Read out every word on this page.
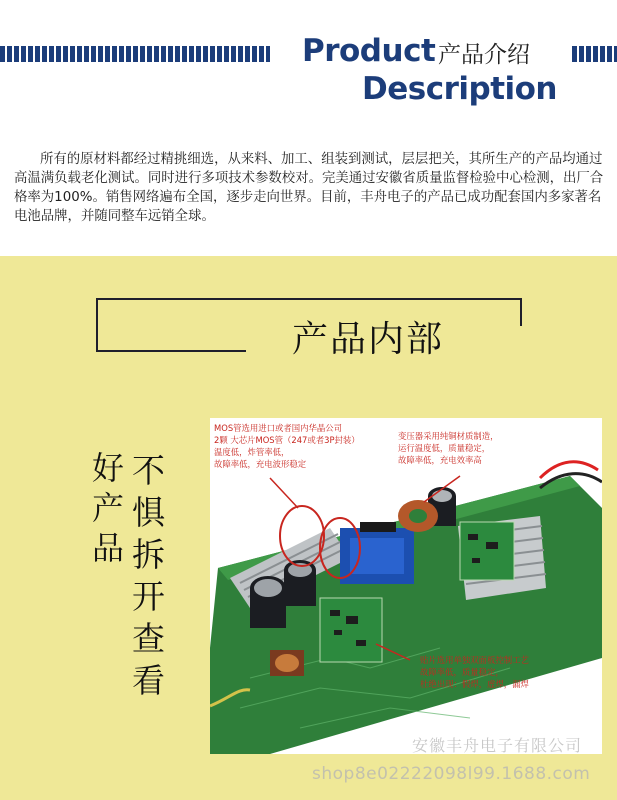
Product 产品介绍
Description

所有的原材料都经过精挑细选，从来料、加工、组装到测试，层层把关，其所生产的产品均通过高温满负载老化测试。同时进行多项技术参数校对。完美通过安徽省质量监督检验中心检测，出厂合格率为100%。销售网络遍布全国，逐步走向世界。目前，丰舟电子的产品已成功配套国内多家著名电池品牌，并随同整车远销全球。

产品内部
好产品
不惧拆开查看
MOS管选用进口或者国内华晶公司
2颗 大芯片MOS管（247或者3P封装）
温度低，炸管率低，
故障率低，充电波形稳定
变压器采用纯铜材质制造，
运行温度低，质量稳定，
故障率低，充电效率高
贴片选用单独双面板控制工艺
故障率低，质量稳定，
杜绝出现：假焊，虚焊，漏焊
安徽丰舟电子有限公司
shop8e02222098l99.1688.com
